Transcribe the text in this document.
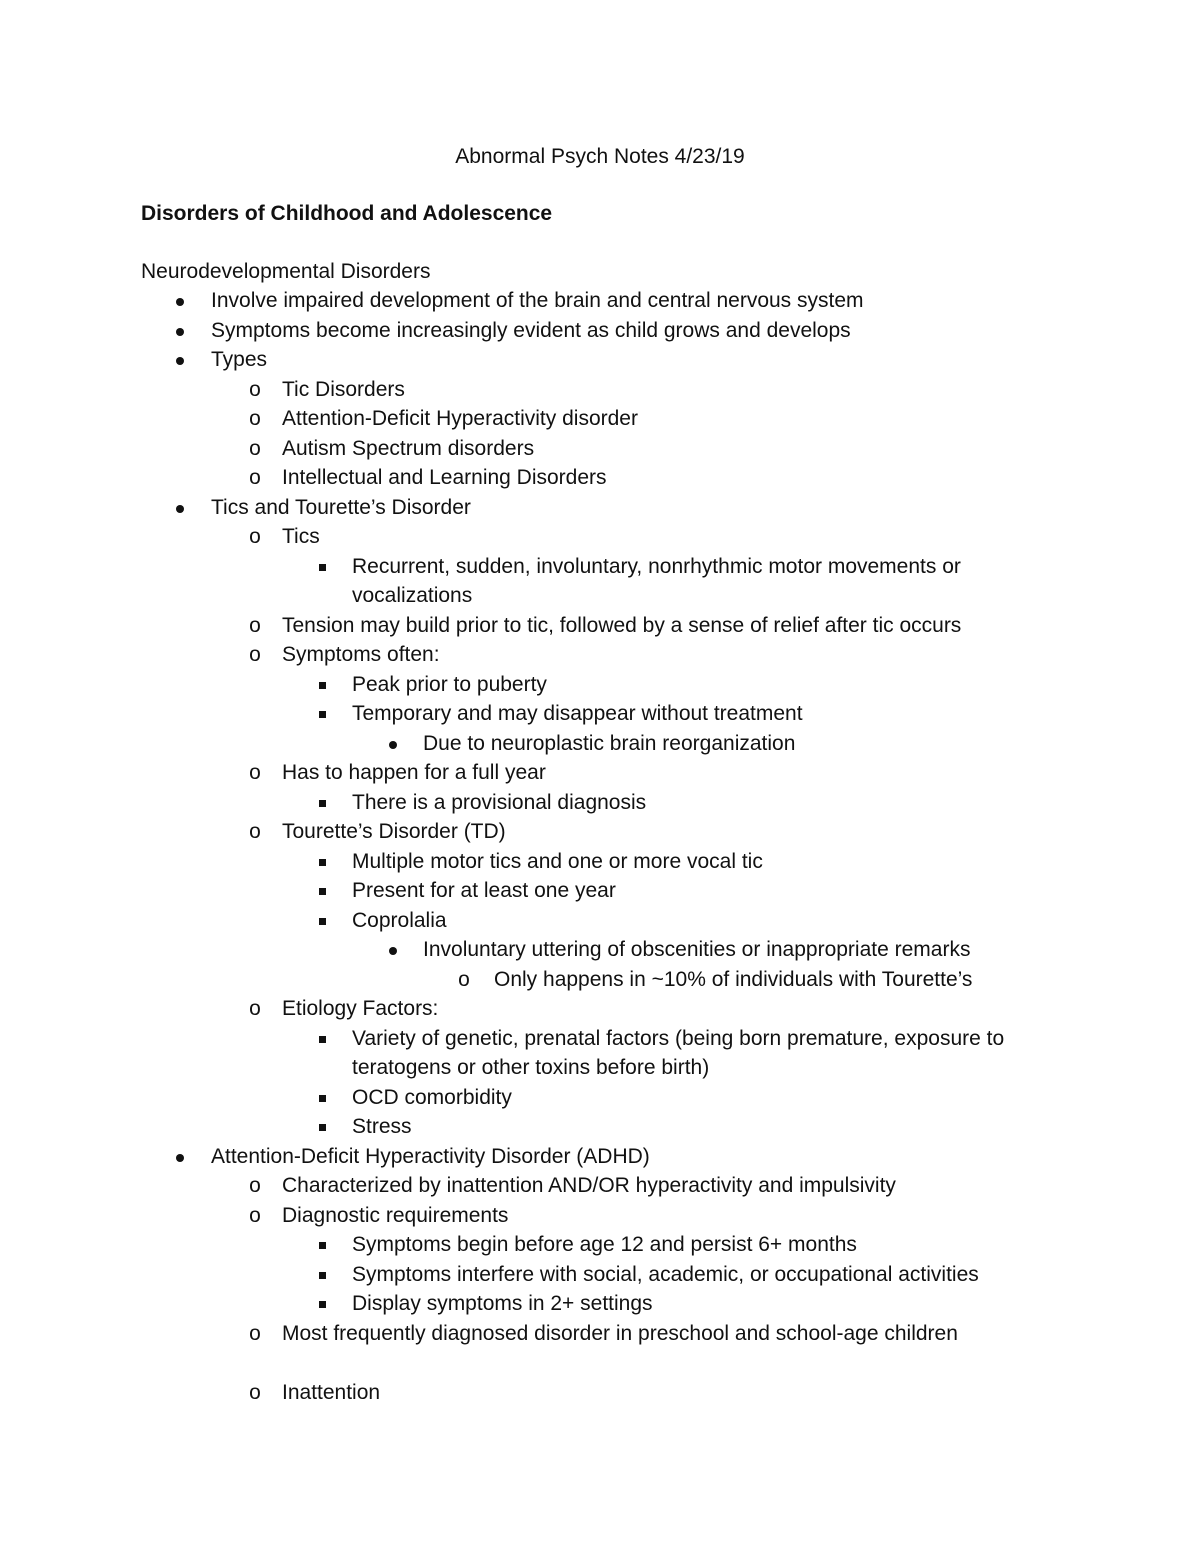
Abnormal Psych Notes 4/23/19
Disorders of Childhood and Adolescence
Neurodevelopmental Disorders
Involve impaired development of the brain and central nervous system
Symptoms become increasingly evident as child grows and develops
Types
o Tic Disorders
o Attention-Deficit Hyperactivity disorder
o Autism Spectrum disorders
o Intellectual and Learning Disorders
Tics and Tourette’s Disorder
o Tics
Recurrent, sudden, involuntary, nonrhythmic motor movements or
vocalizations
o Tension may build prior to tic, followed by a sense of relief after tic occurs
o Symptoms often:
Peak prior to puberty
Temporary and may disappear without treatment
Due to neuroplastic brain reorganization
o Has to happen for a full year
There is a provisional diagnosis
o Tourette’s Disorder (TD)
Multiple motor tics and one or more vocal tic
Present for at least one year
Coprolalia
Involuntary uttering of obscenities or inappropriate remarks
o Only happens in ~10% of individuals with Tourette’s
o Etiology Factors:
Variety of genetic, prenatal factors (being born premature, exposure to
teratogens or other toxins before birth)
OCD comorbidity
Stress
Attention-Deficit Hyperactivity Disorder (ADHD)
o Characterized by inattention AND/OR hyperactivity and impulsivity
o Diagnostic requirements
Symptoms begin before age 12 and persist 6+ months
Symptoms interfere with social, academic, or occupational activities
Display symptoms in 2+ settings
o Most frequently diagnosed disorder in preschool and school-age children
o Inattention
